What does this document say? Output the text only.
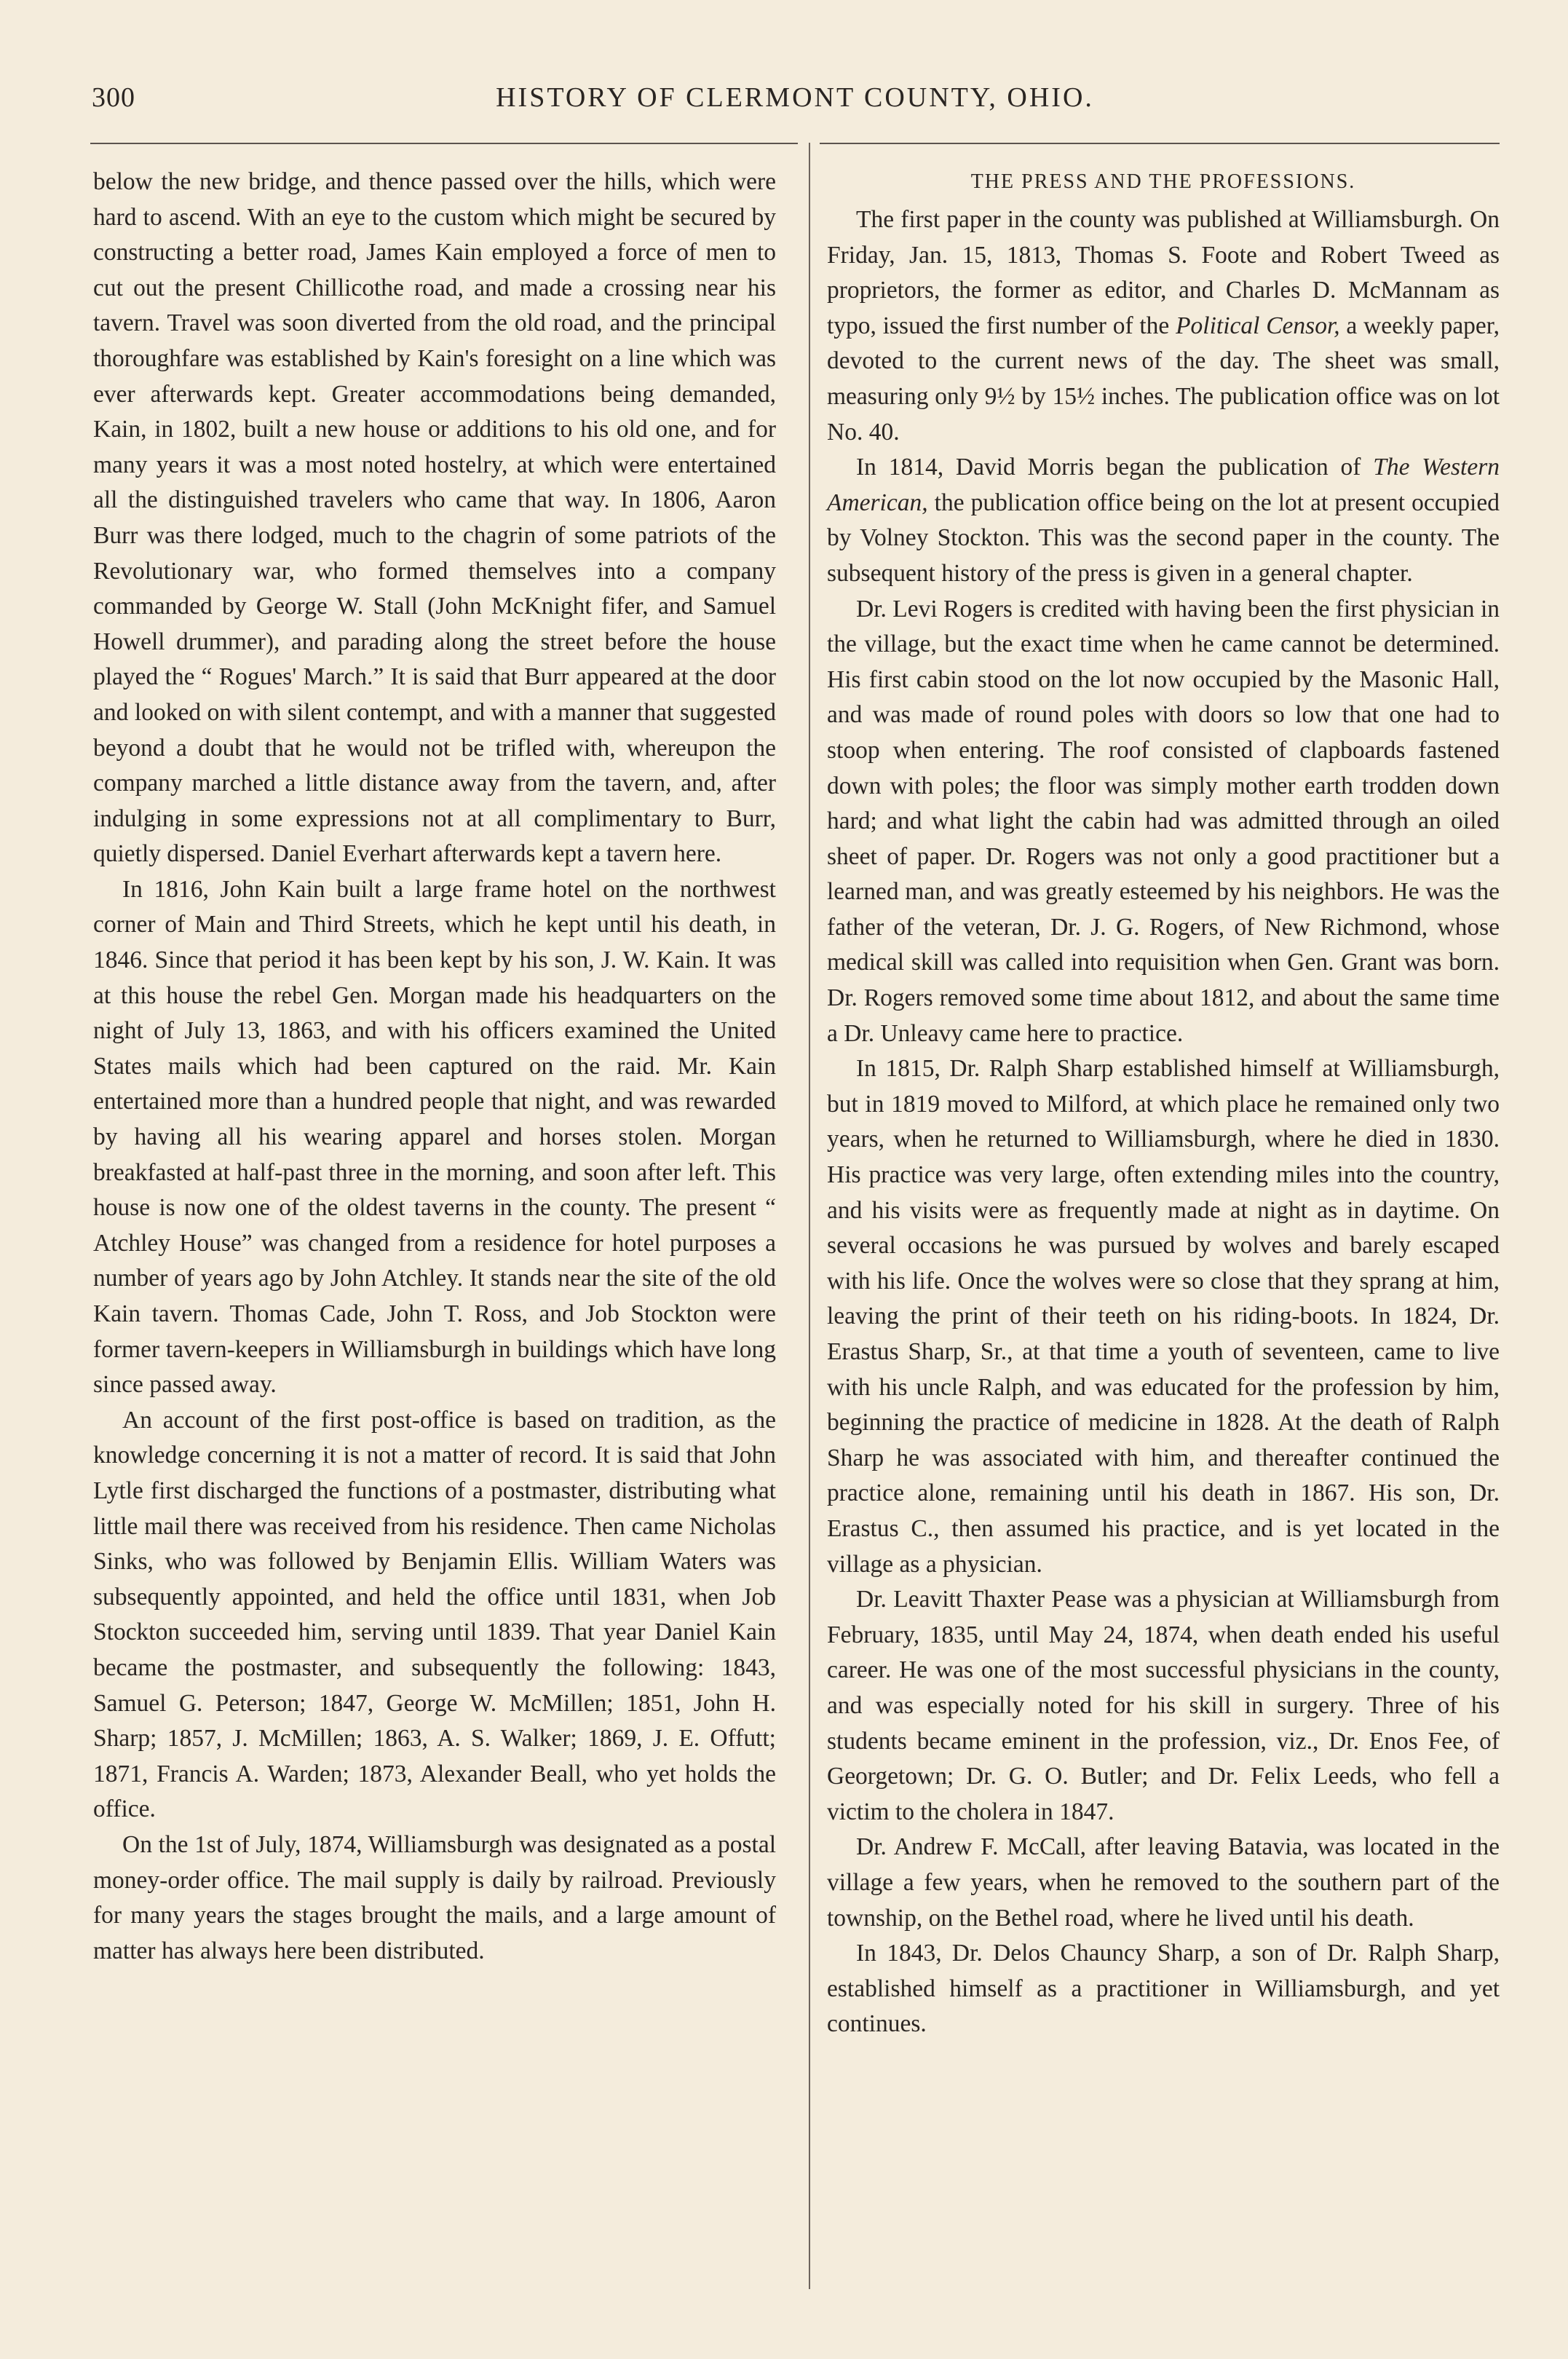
300	HISTORY OF CLERMONT COUNTY, OHIO.

below the new bridge, and thence passed over the hills, which were hard to ascend. With an eye to the custom which might be secured by constructing a better road, James Kain employed a force of men to cut out the present Chillicothe road, and made a crossing near his tavern. Travel was soon diverted from the old road, and the principal thoroughfare was established by Kain's foresight on a line which was ever afterwards kept. Greater accommodations being demanded, Kain, in 1802, built a new house or additions to his old one, and for many years it was a most noted hostelry, at which were entertained all the distinguished travelers who came that way. In 1806, Aaron Burr was there lodged, much to the chagrin of some patriots of the Revolutionary war, who formed themselves into a company commanded by George W. Stall (John McKnight fifer, and Samuel Howell drummer), and parading along the street before the house played the “ Rogues' March.” It is said that Burr appeared at the door and looked on with silent contempt, and with a manner that suggested beyond a doubt that he would not be trifled with, whereupon the company marched a little distance away from the tavern, and, after indulging in some expressions not at all complimentary to Burr, quietly dispersed. Daniel Everhart afterwards kept a tavern here.

In 1816, John Kain built a large frame hotel on the northwest corner of Main and Third Streets, which he kept until his death, in 1846. Since that period it has been kept by his son, J. W. Kain. It was at this house the rebel Gen. Morgan made his headquarters on the night of July 13, 1863, and with his officers examined the United States mails which had been captured on the raid. Mr. Kain entertained more than a hundred people that night, and was rewarded by having all his wearing apparel and horses stolen. Morgan breakfasted at half-past three in the morning, and soon after left. This house is now one of the oldest taverns in the county. The present “ Atchley House” was changed from a residence for hotel purposes a number of years ago by John Atchley. It stands near the site of the old Kain tavern. Thomas Cade, John T. Ross, and Job Stockton were former tavern-keepers in Williamsburgh in buildings which have long since passed away.

An account of the first post-office is based on tradition, as the knowledge concerning it is not a matter of record. It is said that John Lytle first discharged the functions of a postmaster, distributing what little mail there was received from his residence. Then came Nicholas Sinks, who was followed by Benjamin Ellis. William Waters was subsequently appointed, and held the office until 1831, when Job Stockton succeeded him, serving until 1839. That year Daniel Kain became the postmaster, and subsequently the following: 1843, Samuel G. Peterson; 1847, George W. McMillen; 1851, John H. Sharp; 1857, J. McMillen; 1863, A. S. Walker; 1869, J. E. Offutt; 1871, Francis A. Warden; 1873, Alexander Beall, who yet holds the office.

On the 1st of July, 1874, Williamsburgh was designated as a postal money-order office. The mail supply is daily by railroad. Previously for many years the stages brought the mails, and a large amount of matter has always here been distributed.

THE PRESS AND THE PROFESSIONS.

The first paper in the county was published at Williamsburgh. On Friday, Jan. 15, 1813, Thomas S. Foote and Robert Tweed as proprietors, the former as editor, and Charles D. McMannam as typo, issued the first number of the Political Censor, a weekly paper, devoted to the current news of the day. The sheet was small, measuring only 9½ by 15½ inches. The publication office was on lot No. 40.

In 1814, David Morris began the publication of The Western American, the publication office being on the lot at present occupied by Volney Stockton. This was the second paper in the county. The subsequent history of the press is given in a general chapter.

Dr. Levi Rogers is credited with having been the first physician in the village, but the exact time when he came cannot be determined. His first cabin stood on the lot now occupied by the Masonic Hall, and was made of round poles with doors so low that one had to stoop when entering. The roof consisted of clapboards fastened down with poles; the floor was simply mother earth trodden down hard; and what light the cabin had was admitted through an oiled sheet of paper. Dr. Rogers was not only a good practitioner but a learned man, and was greatly esteemed by his neighbors. He was the father of the veteran, Dr. J. G. Rogers, of New Richmond, whose medical skill was called into requisition when Gen. Grant was born. Dr. Rogers removed some time about 1812, and about the same time a Dr. Unleavy came here to practice.

In 1815, Dr. Ralph Sharp established himself at Williamsburgh, but in 1819 moved to Milford, at which place he remained only two years, when he returned to Williamsburgh, where he died in 1830. His practice was very large, often extending miles into the country, and his visits were as frequently made at night as in daytime. On several occasions he was pursued by wolves and barely escaped with his life. Once the wolves were so close that they sprang at him, leaving the print of their teeth on his riding-boots. In 1824, Dr. Erastus Sharp, Sr., at that time a youth of seventeen, came to live with his uncle Ralph, and was educated for the profession by him, beginning the practice of medicine in 1828. At the death of Ralph Sharp he was associated with him, and thereafter continued the practice alone, remaining until his death in 1867. His son, Dr. Erastus C., then assumed his practice, and is yet located in the village as a physician.

Dr. Leavitt Thaxter Pease was a physician at Williamsburgh from February, 1835, until May 24, 1874, when death ended his useful career. He was one of the most successful physicians in the county, and was especially noted for his skill in surgery. Three of his students became eminent in the profession, viz., Dr. Enos Fee, of Georgetown; Dr. G. O. Butler; and Dr. Felix Leeds, who fell a victim to the cholera in 1847.

Dr. Andrew F. McCall, after leaving Batavia, was located in the village a few years, when he removed to the southern part of the township, on the Bethel road, where he lived until his death.

In 1843, Dr. Delos Chauncy Sharp, a son of Dr. Ralph Sharp, established himself as a practitioner in Williamsburgh, and yet continues.
